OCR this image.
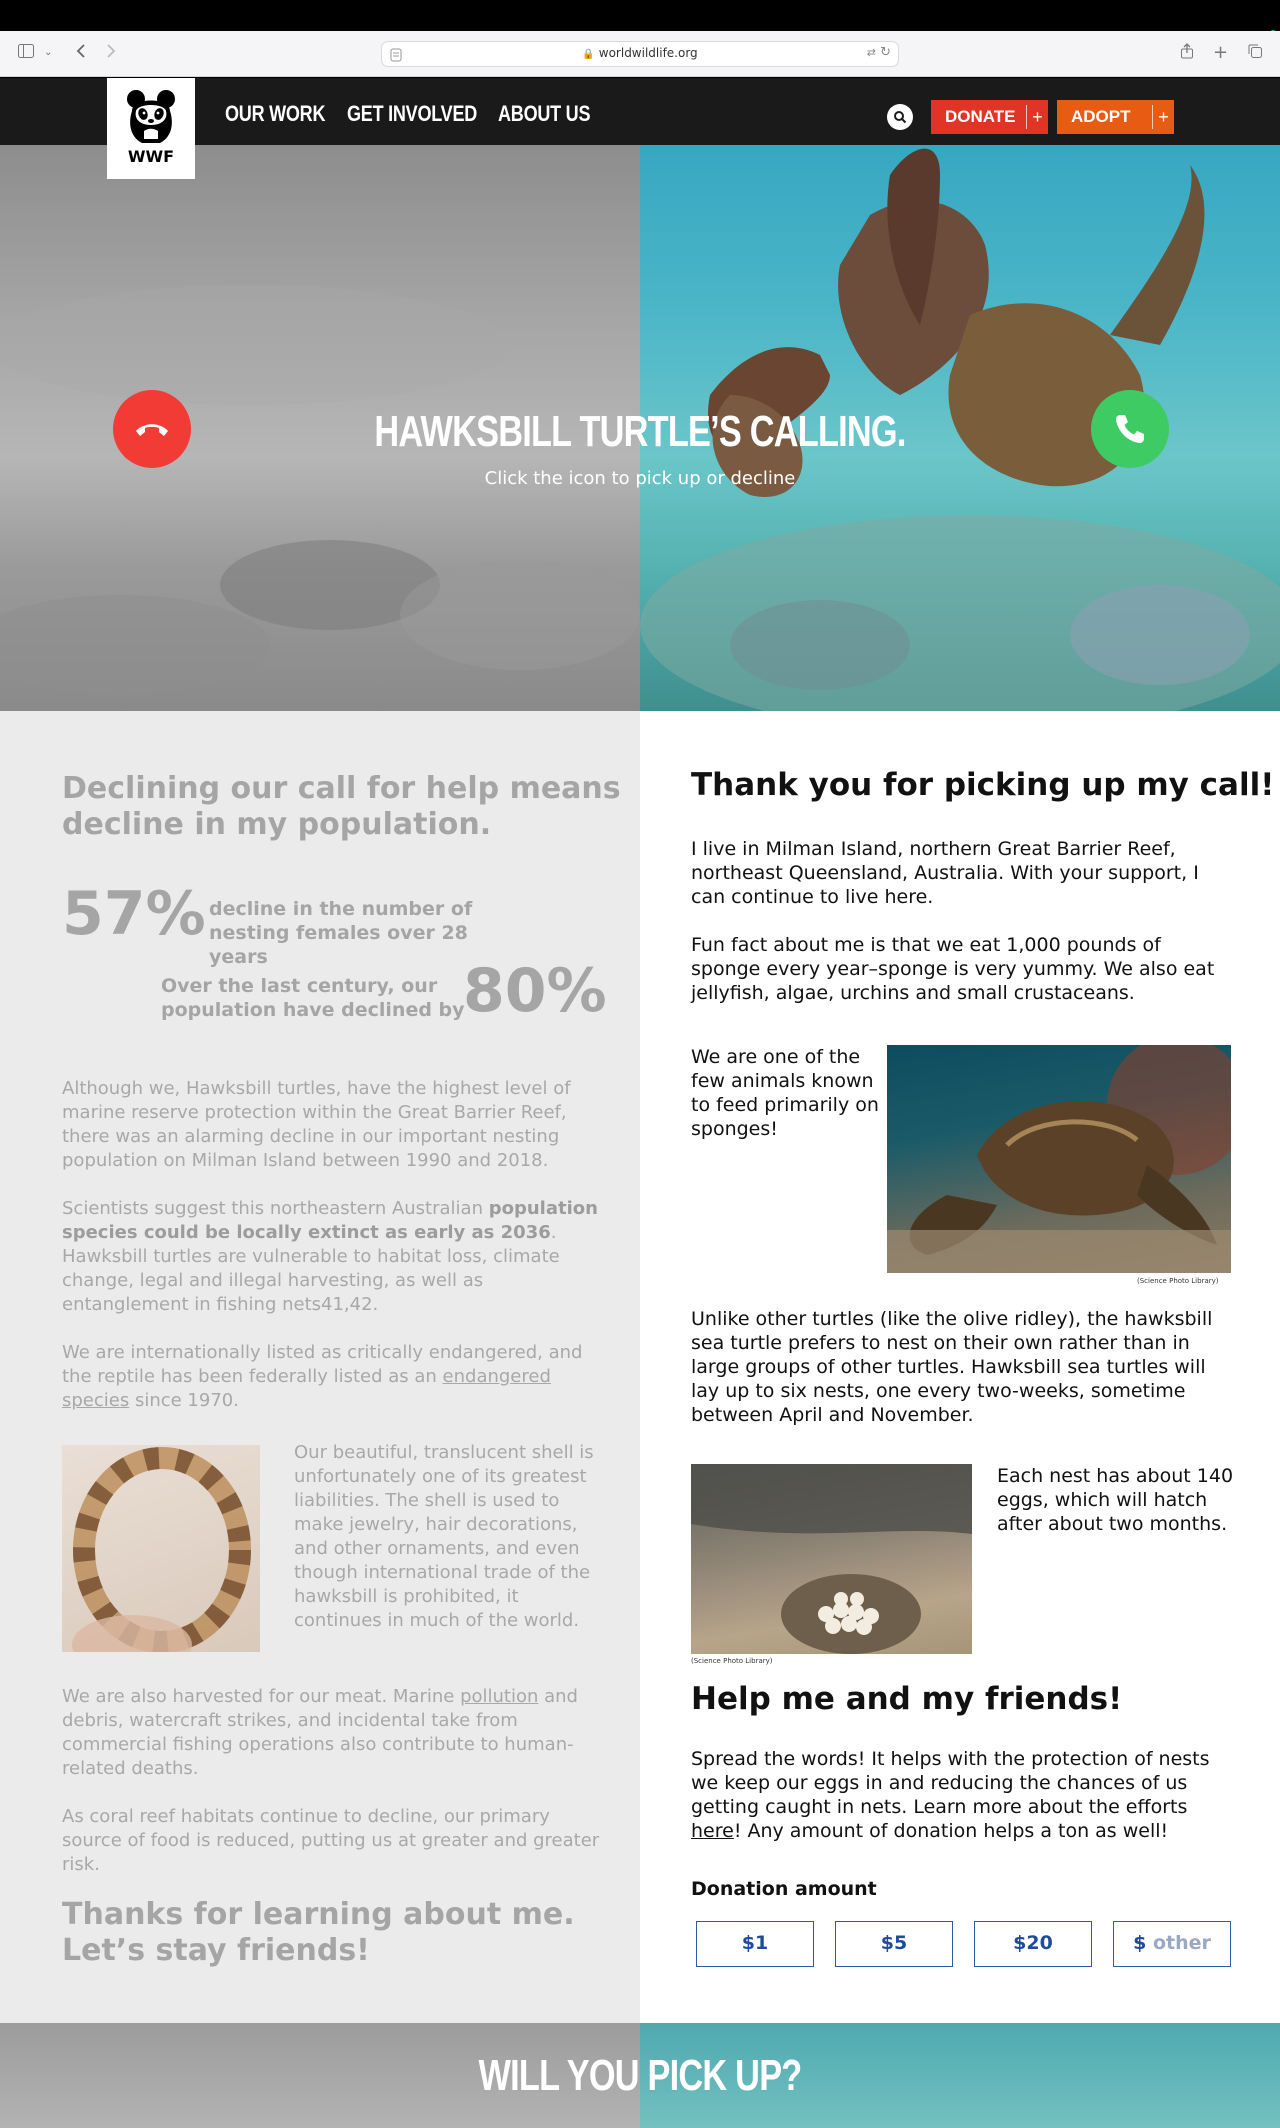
⌄	🔒 worldwildlife.org	⇄ ↻	+
OUR WORK GET INVOLVED ABOUT US	DONATE +	ADOPT	+
WWF
HAWKSBILL TURTLE’S CALLING.
Click the icon to pick up or decline
Declining our call for help means decline in my population.
57% decline in the number of nesting females over 28 years
Over the last century, our population have declined by
80%
Although we, Hawksbill turtles, have the highest level of marine reserve protection within the Great Barrier Reef, there was an alarming decline in our important nesting population on Milman Island between 1990 and 2018.
Scientists suggest this northeastern Australian population species could be locally extinct as early as 2036. Hawksbill turtles are vulnerable to habitat loss, climate change, legal and illegal harvesting, as well as entanglement in fishing nets41,42.
We are internationally listed as critically endangered, and the reptile has been federally listed as an endangered species since 1970.
Our beautiful, translucent shell is unfortunately one of its greatest liabilities. The shell is used to make jewelry, hair decorations, and other ornaments, and even though international trade of the hawksbill is prohibited, it continues in much of the world.
We are also harvested for our meat. Marine pollution and debris, watercraft strikes, and incidental take from commercial fishing operations also contribute to human-related deaths.
As coral reef habitats continue to decline, our primary source of food is reduced, putting us at greater and greater risk.
Thanks for learning about me. Let’s stay friends!
Thank you for picking up my call!
I live in Milman Island, northern Great Barrier Reef, northeast Queensland, Australia. With your support, I can continue to live here.
Fun fact about me is that we eat 1,000 pounds of sponge every year–sponge is very yummy. We also eat jellyfish, algae, urchins and small crustaceans.
We are one of the few animals known to feed primarily on sponges!
(Science Photo Library)
Unlike other turtles (like the olive ridley), the hawksbill sea turtle prefers to nest on their own rather than in large groups of other turtles. Hawksbill sea turtles will lay up to six nests, one every two-weeks, sometime between April and November.
Each nest has about 140 eggs, which will hatch after about two months.
(Science Photo Library)
Help me and my friends!
Spread the words! It helps with the protection of nests we keep our eggs in and reducing the chances of us getting caught in nets. Learn more about the efforts here! Any amount of donation helps a ton as well!
Donation amount
$1	$5	$20	$ other
WILL YOU PICK UP?
